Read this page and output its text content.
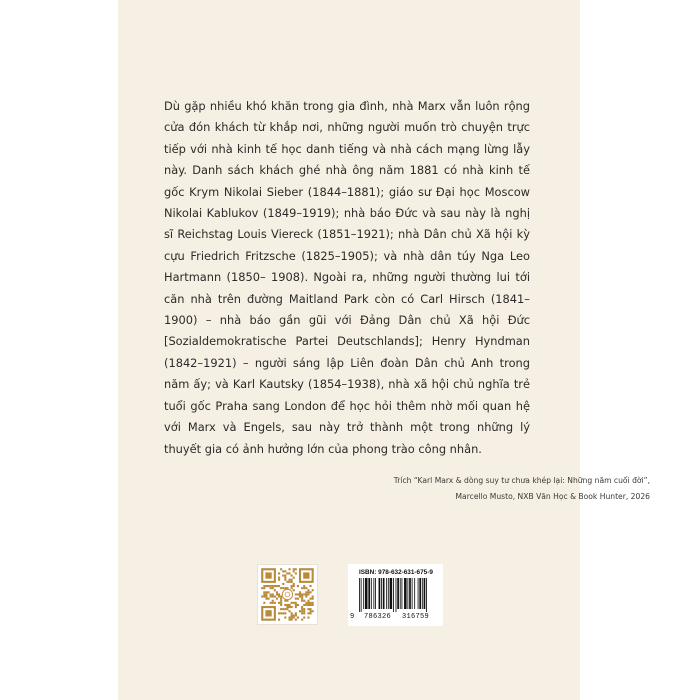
Dù gặp nhiều khó khăn trong gia đình, nhà Marx vẫn luôn rộng cửa đón khách từ khắp nơi, những người muốn trò chuyện trực tiếp với nhà kinh tế học danh tiếng và nhà cách mạng lừng lẫy này. Danh sách khách ghé nhà ông năm 1881 có nhà kinh tế gốc Krym Nikolai Sieber (1844–1881); giáo sư Đại học Moscow Nikolai Kablukov (1849–1919); nhà báo Đức và sau này là nghị sĩ Reichstag Louis Viereck (1851–1921); nhà Dân chủ Xã hội kỳ cựu Friedrich Fritzsche (1825–1905); và nhà dân túy Nga Leo Hartmann (1850– 1908). Ngoài ra, những người thường lui tới căn nhà trên đường Maitland Park còn có Carl Hirsch (1841–1900) – nhà báo gần gũi với Đảng Dân chủ Xã hội Đức [Sozialdemokratische Partei Deutschlands]; Henry Hyndman (1842–1921) – người sáng lập Liên đoàn Dân chủ Anh trong năm ấy; và Karl Kautsky (1854–1938), nhà xã hội chủ nghĩa trẻ tuổi gốc Praha sang London để học hỏi thêm nhờ mối quan hệ với Marx và Engels, sau này trở thành một trong những lý thuyết gia có ảnh hưởng lớn của phong trào công nhân.
Trích “Karl Marx & dòng suy tư chưa khép lại: Những năm cuối đời”,
Marcello Musto, NXB Văn Học & Book Hunter, 2026
ISBN: 978-632-631-675-9
9 786326 316759
